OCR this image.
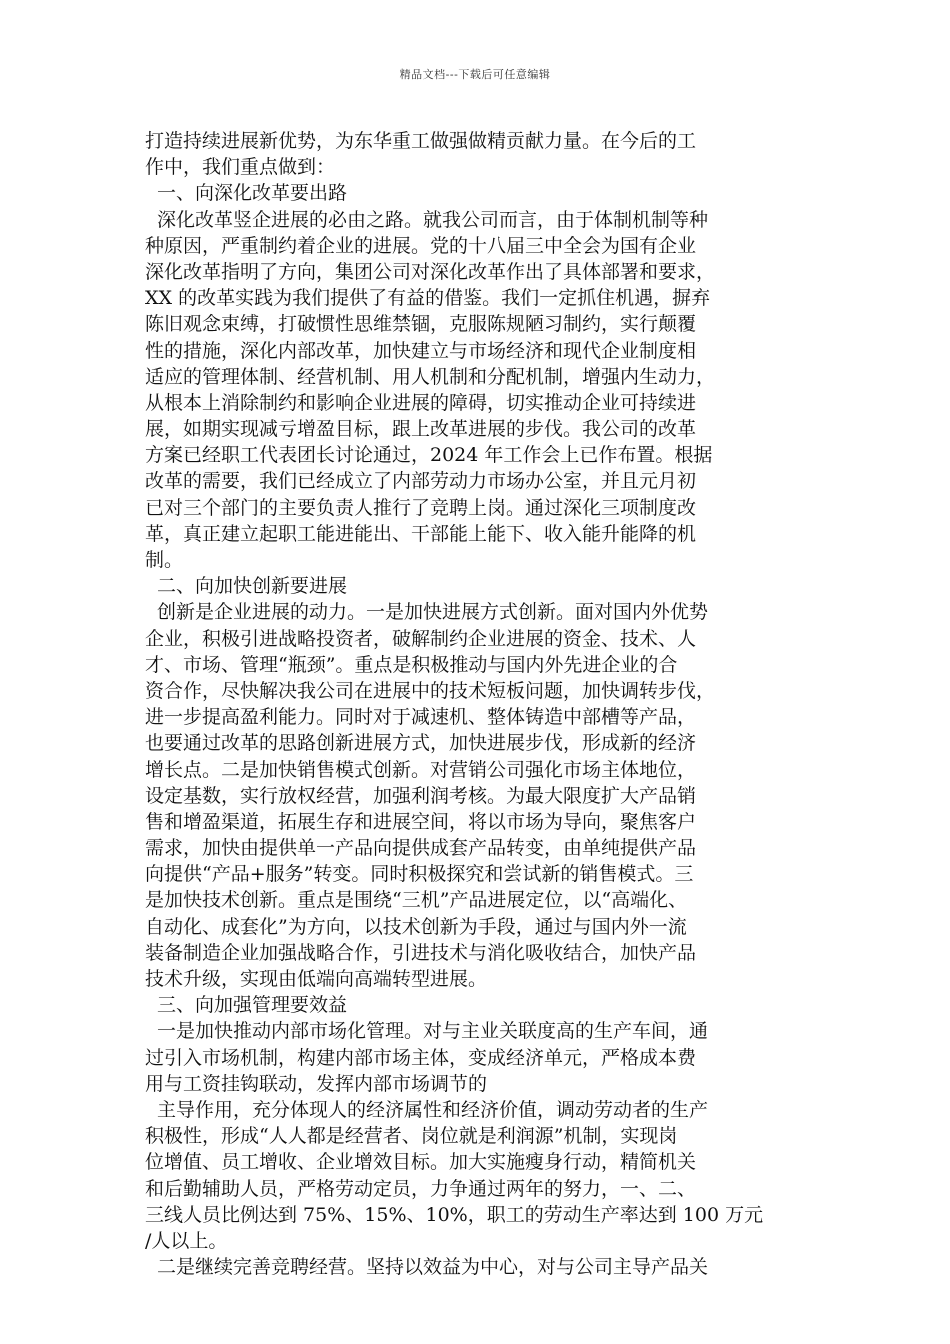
精品文档---下载后可任意编辑
打造持续进展新优势，为东华重工做强做精贡献力量。在今后的工
作中，我们重点做到：
一、向深化改革要出路
深化改革竖企进展的必由之路。就我公司而言，由于体制机制等种
种原因，严重制约着企业的进展。党的十八届三中全会为国有企业
深化改革指明了方向，集团公司对深化改革作出了具体部署和要求，
XX 的改革实践为我们提供了有益的借鉴。我们一定抓住机遇，摒弃
陈旧观念束缚，打破惯性思维禁锢，克服陈规陋习制约，实行颠覆
性的措施，深化内部改革，加快建立与市场经济和现代企业制度相
适应的管理体制、经营机制、用人机制和分配机制，增强内生动力，
从根本上消除制约和影响企业进展的障碍，切实推动企业可持续进
展，如期实现减亏增盈目标，跟上改革进展的步伐。我公司的改革
方案已经职工代表团长讨论通过，2024 年工作会上已作布置。根据
改革的需要，我们已经成立了内部劳动力市场办公室，并且元月初
已对三个部门的主要负责人推行了竞聘上岗。通过深化三项制度改
革，真正建立起职工能进能出、干部能上能下、收入能升能降的机
制。
二、向加快创新要进展
创新是企业进展的动力。一是加快进展方式创新。面对国内外优势
企业，积极引进战略投资者，破解制约企业进展的资金、技术、人
才、市场、管理“瓶颈”。重点是积极推动与国内外先进企业的合
资合作，尽快解决我公司在进展中的技术短板问题，加快调转步伐，
进一步提高盈利能力。同时对于减速机、整体铸造中部槽等产品，
也要通过改革的思路创新进展方式，加快进展步伐，形成新的经济
增长点。二是加快销售模式创新。对营销公司强化市场主体地位，
设定基数，实行放权经营，加强利润考核。为最大限度扩大产品销
售和增盈渠道，拓展生存和进展空间，将以市场为导向，聚焦客户
需求，加快由提供单一产品向提供成套产品转变，由单纯提供产品
向提供“产品+服务”转变。同时积极探究和尝试新的销售模式。三
是加快技术创新。重点是围绕“三机”产品进展定位，以“高端化、
自动化、成套化”为方向，以技术创新为手段，通过与国内外一流
装备制造企业加强战略合作，引进技术与消化吸收结合，加快产品
技术升级，实现由低端向高端转型进展。
三、向加强管理要效益
一是加快推动内部市场化管理。对与主业关联度高的生产车间，通
过引入市场机制，构建内部市场主体，变成经济单元，严格成本费
用与工资挂钩联动，发挥内部市场调节的
主导作用，充分体现人的经济属性和经济价值，调动劳动者的生产
积极性，形成“人人都是经营者、岗位就是利润源”机制，实现岗
位增值、员工增收、企业增效目标。加大实施瘦身行动，精简机关
和后勤辅助人员，严格劳动定员，力争通过两年的努力，一、二、
三线人员比例达到 75%、15%、10%，职工的劳动生产率达到 100 万元
/人以上。
二是继续完善竞聘经营。坚持以效益为中心，对与公司主导产品关
